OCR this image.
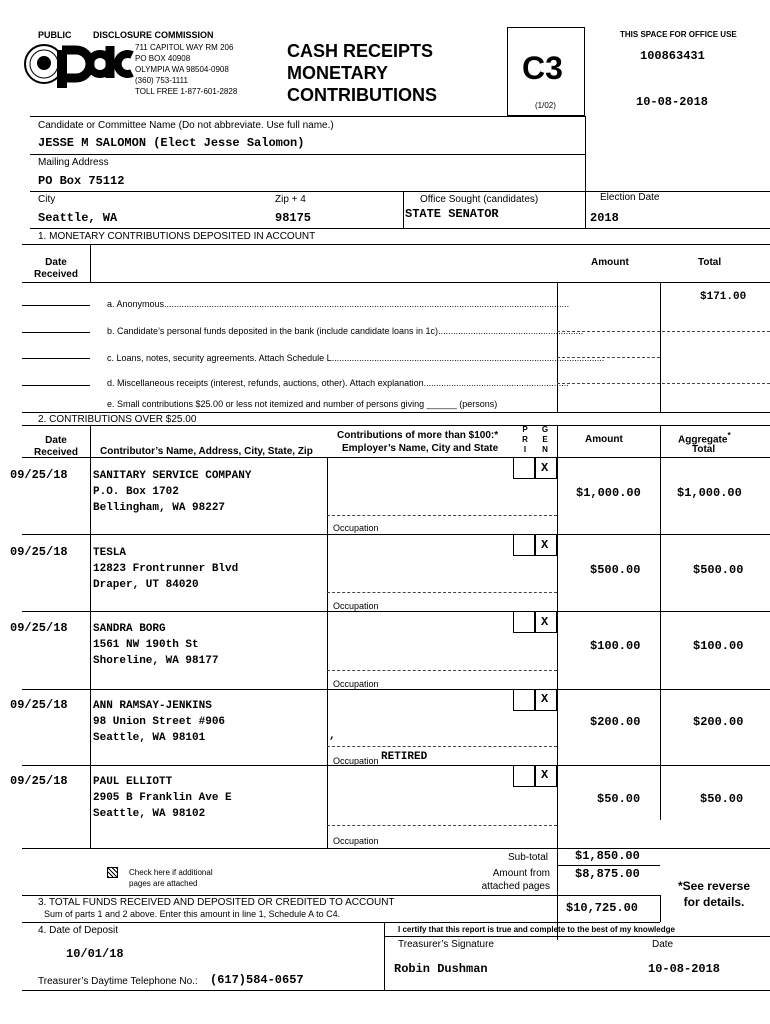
PUBLIC DISCLOSURE COMMISSION
711 CAPITOL WAY RM 206
PO BOX 40908
OLYMPIA WA 98504-0908
(360) 753-1111
TOLL FREE 1-877-601-2828
CASH RECEIPTS
MONETARY
CONTRIBUTIONS
C3
(1/02)
THIS SPACE FOR OFFICE USE
100863431
10-08-2018
Candidate or Committee Name (Do not abbreviate. Use full name.)
JESSE M SALOMON (Elect Jesse Salomon)
Mailing Address
PO Box 75112
City
Seattle, WA
Zip + 4
98175
Office Sought (candidates)
STATE SENATOR
Election Date
2018
1. MONETARY CONTRIBUTIONS DEPOSITED IN ACCOUNT
Date Received
Amount	Total
a. Anonymous..................................................................................................................................................................
$171.00
b. Candidate’s personal funds deposited in the bank (include candidate loans in 1c)..........................................................
c. Loans, notes, security agreements. Attach Schedule L.............................................................................................................
d. Miscellaneous receipts (interest, refunds, auctions, other). Attach explanation..........................................................
e. Small contributions $25.00 or less not itemized and number of persons giving ______ (persons)
2. CONTRIBUTIONS OVER $25.00
Date Received	Contributor’s Name, Address, City, State, Zip
Contributions of more than $100:*
Employer’s Name, City and State
P
R
I
G
E
N
Amount	Aggregate*
Total
09/25/18 SANITARY SERVICE COMPANY
P.O. Box 1702
Bellingham, WA 98227
X
$1,000.00	$1,000.00
Occupation
09/25/18 TESLA
12823 Frontrunner Blvd
Draper, UT 84020
X
$500.00	$500.00
Occupation
09/25/18 SANDRA BORG
1561 NW 190th St
Shoreline, WA 98177
X
$100.00	$100.00
Occupation
09/25/18 ANN RAMSAY-JENKINS
98 Union Street #906
Seattle, WA 98101	,
X
$200.00	$200.00
Occupation RETIRED
09/25/18 PAUL ELLIOTT
2905 B Franklin Ave E
Seattle, WA 98102
X
$50.00	$50.00
Occupation
Check here if additional
pages are attached
Sub-total $1,850.00
Amount from
attached pages
$8,875.00
*See reverse
for details.
3. TOTAL FUNDS RECEIVED AND DEPOSITED OR CREDITED TO ACCOUNT
Sum of parts 1 and 2 above. Enter this amount in line 1, Schedule A to C4.	$10,725.00
4. Date of Deposit
10/01/18
I certify that this report is true and complete to the best of my knowledge
Treasurer’s Signature	Date
Robin Dushman	10-08-2018
Treasurer’s Daytime Telephone No.: (617)584-0657
